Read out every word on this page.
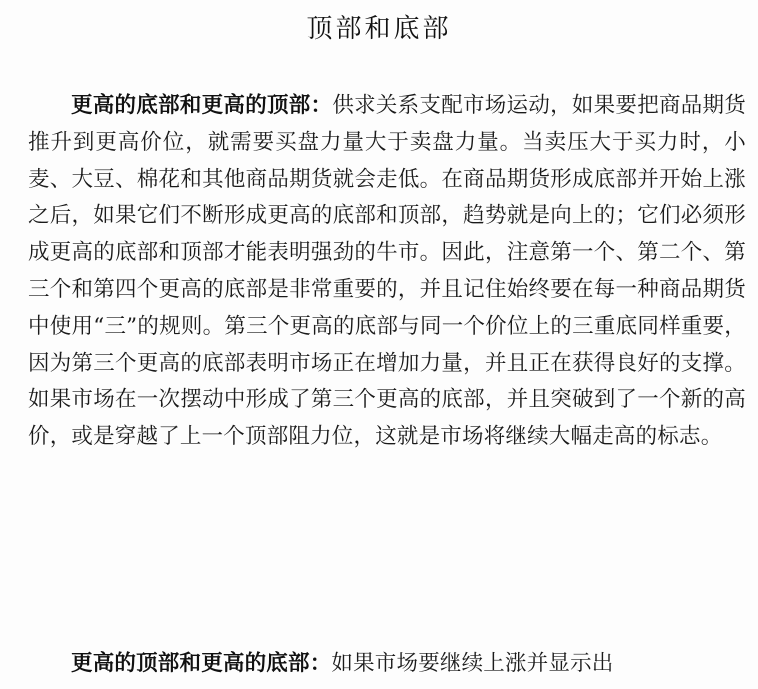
顶部和底部

更高的底部和更高的顶部：供求关系支配市场运动，如果要把商品期货推升到更高价位，就需要买盘力量大于卖盘力量。当卖压大于买力时，小麦、大豆、棉花和其他商品期货就会走低。在商品期货形成底部并开始上涨之后，如果它们不断形成更高的底部和顶部，趋势就是向上的；它们必须形成更高的底部和顶部才能表明强劲的牛市。因此，注意第一个、第二个、第三个和第四个更高的底部是非常重要的，并且记住始终要在每一种商品期货中使用“三”的规则。第三个更高的底部与同一个价位上的三重底同样重要，因为第三个更高的底部表明市场正在增加力量，并且正在获得良好的支撑。如果市场在一次摆动中形成了第三个更高的底部，并且突破到了一个新的高价，或是穿越了上一个顶部阻力位，这就是市场将继续大幅走高的标志。

更高的顶部和更高的底部：如果市场要继续上涨并显示出
